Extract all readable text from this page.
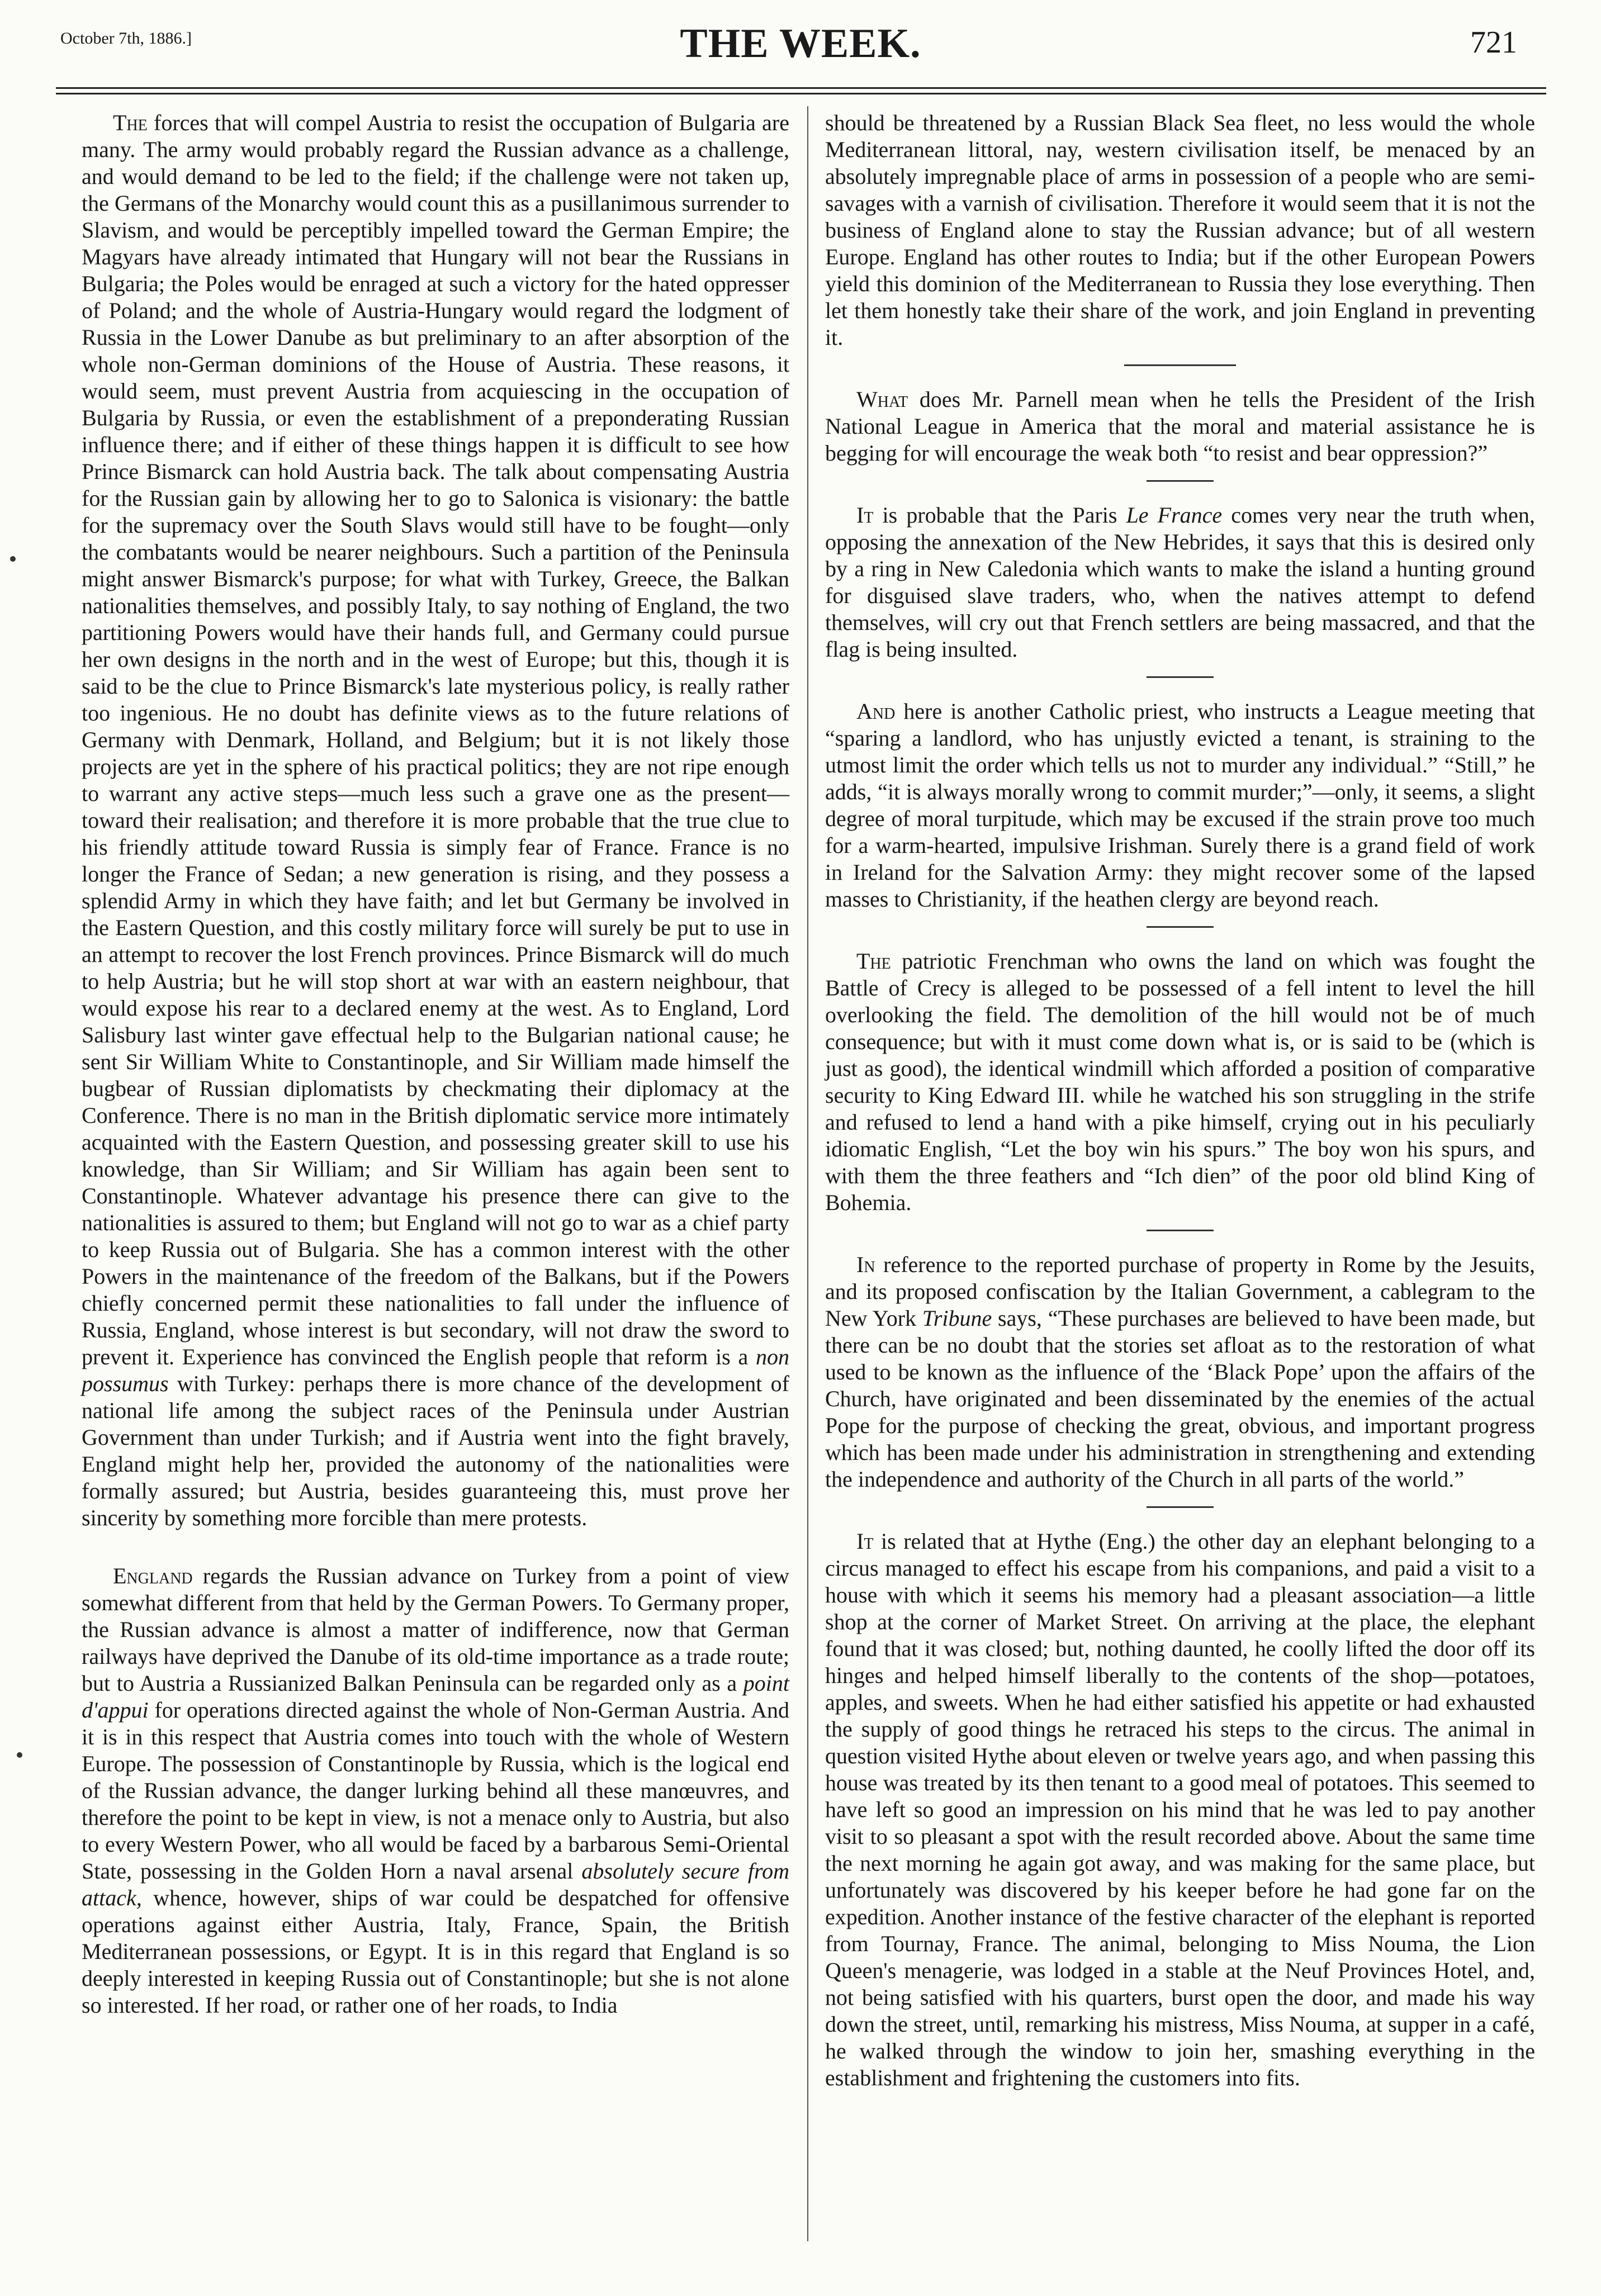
October 7th, 1886.]	THE WEEK.	721

The forces that will compel Austria to resist the occupation of Bulgaria are many. The army would probably regard the Russian advance as a challenge, and would demand to be led to the field; if the challenge were not taken up, the Germans of the Monarchy would count this as a pusillanimous surrender to Slavism, and would be perceptibly impelled toward the German Empire; the Magyars have already intimated that Hungary will not bear the Russians in Bulgaria; the Poles would be enraged at such a victory for the hated oppresser of Poland; and the whole of Austria-Hungary would regard the lodgment of Russia in the Lower Danube as but preliminary to an after absorption of the whole non-German dominions of the House of Austria. These reasons, it would seem, must prevent Austria from acquiescing in the occupation of Bulgaria by Russia, or even the establishment of a preponderating Russian influence there; and if either of these things happen it is difficult to see how Prince Bismarck can hold Austria back. The talk about compensating Austria for the Russian gain by allowing her to go to Salonica is visionary: the battle for the supremacy over the South Slavs would still have to be fought—only the combatants would be nearer neighbours. Such a partition of the Peninsula might answer Bismarck's purpose; for what with Turkey, Greece, the Balkan nationalities themselves, and possibly Italy, to say nothing of England, the two partitioning Powers would have their hands full, and Germany could pursue her own designs in the north and in the west of Europe; but this, though it is said to be the clue to Prince Bismarck's late mysterious policy, is really rather too ingenious. He no doubt has definite views as to the future relations of Germany with Denmark, Holland, and Belgium; but it is not likely those projects are yet in the sphere of his practical politics; they are not ripe enough to warrant any active steps—much less such a grave one as the present—toward their realisation; and therefore it is more probable that the true clue to his friendly attitude toward Russia is simply fear of France. France is no longer the France of Sedan; a new generation is rising, and they possess a splendid Army in which they have faith; and let but Germany be involved in the Eastern Question, and this costly military force will surely be put to use in an attempt to recover the lost French provinces. Prince Bismarck will do much to help Austria; but he will stop short at war with an eastern neighbour, that would expose his rear to a declared enemy at the west. As to England, Lord Salisbury last winter gave effectual help to the Bulgarian national cause; he sent Sir William White to Constantinople, and Sir William made himself the bugbear of Russian diplomatists by checkmating their diplomacy at the Conference. There is no man in the British diplomatic service more intimately acquainted with the Eastern Question, and possessing greater skill to use his knowledge, than Sir William; and Sir William has again been sent to Constantinople. Whatever advantage his presence there can give to the nationalities is assured to them; but England will not go to war as a chief party to keep Russia out of Bulgaria. She has a common interest with the other Powers in the maintenance of the freedom of the Balkans, but if the Powers chiefly concerned permit these nationalities to fall under the influence of Russia, England, whose interest is but secondary, will not draw the sword to prevent it. Experience has convinced the English people that reform is a non possumus with Turkey: perhaps there is more chance of the development of national life among the subject races of the Peninsula under Austrian Government than under Turkish; and if Austria went into the fight bravely, England might help her, provided the autonomy of the nationalities were formally assured; but Austria, besides guaranteeing this, must prove her sincerity by something more forcible than mere protests.

England regards the Russian advance on Turkey from a point of view somewhat different from that held by the German Powers. To Germany proper, the Russian advance is almost a matter of indifference, now that German railways have deprived the Danube of its old-time importance as a trade route; but to Austria a Russianized Balkan Peninsula can be regarded only as a point d'appui for operations directed against the whole of Non-German Austria. And it is in this respect that Austria comes into touch with the whole of Western Europe. The possession of Constantinople by Russia, which is the logical end of the Russian advance, the danger lurking behind all these manœuvres, and therefore the point to be kept in view, is not a menace only to Austria, but also to every Western Power, who all would be faced by a barbarous Semi-Oriental State, possessing in the Golden Horn a naval arsenal absolutely secure from attack, whence, however, ships of war could be despatched for offensive operations against either Austria, Italy, France, Spain, the British Mediterranean possessions, or Egypt. It is in this regard that England is so deeply interested in keeping Russia out of Constantinople; but she is not alone so interested. If her road, or rather one of her roads, to India

should be threatened by a Russian Black Sea fleet, no less would the whole Mediterranean littoral, nay, western civilisation itself, be menaced by an absolutely impregnable place of arms in possession of a people who are semi-savages with a varnish of civilisation. Therefore it would seem that it is not the business of England alone to stay the Russian advance; but of all western Europe. England has other routes to India; but if the other European Powers yield this dominion of the Mediterranean to Russia they lose everything. Then let them honestly take their share of the work, and join England in preventing it.

What does Mr. Parnell mean when he tells the President of the Irish National League in America that the moral and material assistance he is begging for will encourage the weak both “to resist and bear oppression?”

It is probable that the Paris Le France comes very near the truth when, opposing the annexation of the New Hebrides, it says that this is desired only by a ring in New Caledonia which wants to make the island a hunting ground for disguised slave traders, who, when the natives attempt to defend themselves, will cry out that French settlers are being massacred, and that the flag is being insulted.

And here is another Catholic priest, who instructs a League meeting that “sparing a landlord, who has unjustly evicted a tenant, is straining to the utmost limit the order which tells us not to murder any individual.” “Still,” he adds, “it is always morally wrong to commit murder;”—only, it seems, a slight degree of moral turpitude, which may be excused if the strain prove too much for a warm-hearted, impulsive Irishman. Surely there is a grand field of work in Ireland for the Salvation Army: they might recover some of the lapsed masses to Christianity, if the heathen clergy are beyond reach.

The patriotic Frenchman who owns the land on which was fought the Battle of Crecy is alleged to be possessed of a fell intent to level the hill overlooking the field. The demolition of the hill would not be of much consequence; but with it must come down what is, or is said to be (which is just as good), the identical windmill which afforded a position of comparative security to King Edward III. while he watched his son struggling in the strife and refused to lend a hand with a pike himself, crying out in his peculiarly idiomatic English, “Let the boy win his spurs.” The boy won his spurs, and with them the three feathers and “Ich dien” of the poor old blind King of Bohemia.

In reference to the reported purchase of property in Rome by the Jesuits, and its proposed confiscation by the Italian Government, a cablegram to the New York Tribune says, “These purchases are believed to have been made, but there can be no doubt that the stories set afloat as to the restoration of what used to be known as the influence of the ‘Black Pope’ upon the affairs of the Church, have originated and been disseminated by the enemies of the actual Pope for the purpose of checking the great, obvious, and important progress which has been made under his administration in strengthening and extending the independence and authority of the Church in all parts of the world.”

It is related that at Hythe (Eng.) the other day an elephant belonging to a circus managed to effect his escape from his companions, and paid a visit to a house with which it seems his memory had a pleasant association—a little shop at the corner of Market Street. On arriving at the place, the elephant found that it was closed; but, nothing daunted, he coolly lifted the door off its hinges and helped himself liberally to the contents of the shop—potatoes, apples, and sweets. When he had either satisfied his appetite or had exhausted the supply of good things he retraced his steps to the circus. The animal in question visited Hythe about eleven or twelve years ago, and when passing this house was treated by its then tenant to a good meal of potatoes. This seemed to have left so good an impression on his mind that he was led to pay another visit to so pleasant a spot with the result recorded above. About the same time the next morning he again got away, and was making for the same place, but unfortunately was discovered by his keeper before he had gone far on the expedition. Another instance of the festive character of the elephant is reported from Tournay, France. The animal, belonging to Miss Nouma, the Lion Queen's menagerie, was lodged in a stable at the Neuf Provinces Hotel, and, not being satisfied with his quarters, burst open the door, and made his way down the street, until, remarking his mistress, Miss Nouma, at supper in a café, he walked through the window to join her, smashing everything in the establishment and frightening the customers into fits.
